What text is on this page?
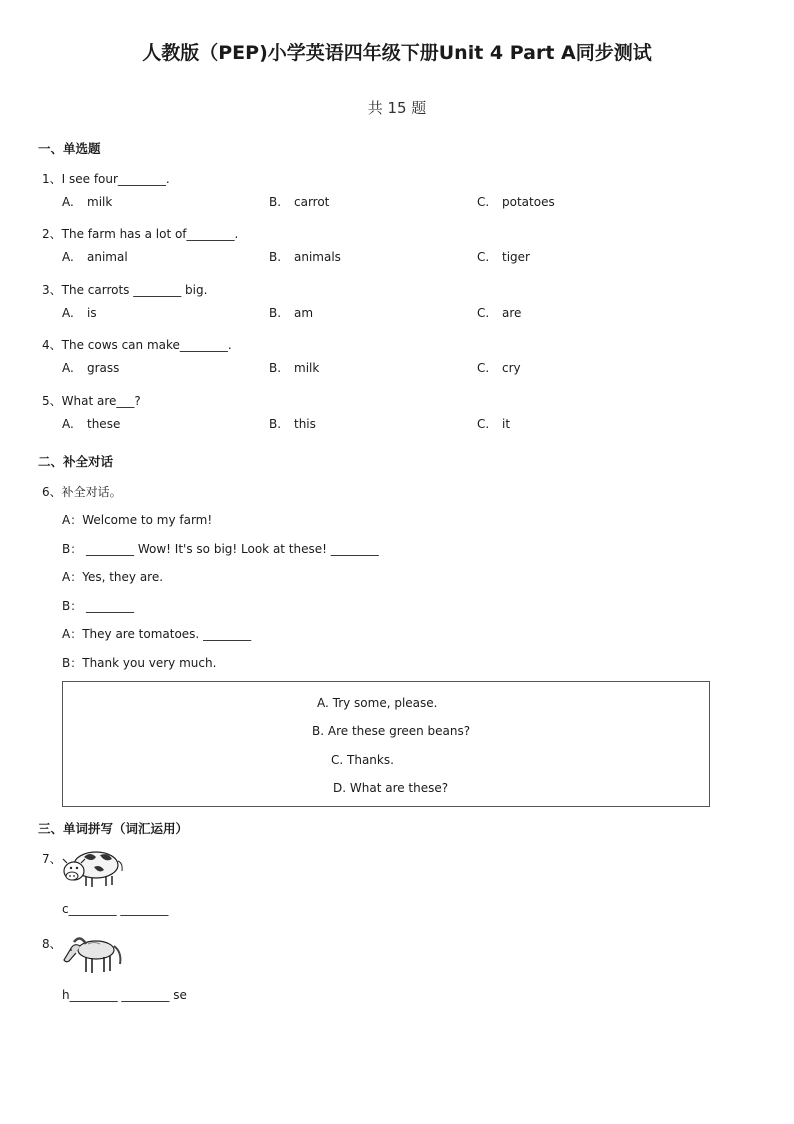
人教版（PEP)小学英语四年级下册Unit 4 Part A同步测试
共 15 题
一、单选题
1、I see four________.
A. milk	B. carrot	C. potatoes
2、The farm has a lot of________.
A. animal	B. animals	C. tiger
3、The carrots ________ big.
A. is	B. am	C. are
4、The cows can make________.
A. grass	B. milk	C. cry
5、What are___?
A. these	B. this	C. it
二、补全对话
6、补全对话。
A：Welcome to my farm!
B： ________ Wow! It's so big! Look at these! ________
A：Yes, they are.
B： ________
A：They are tomatoes. ________
B：Thank you very much.
A. Try some, please.
B. Are these green beans?
C. Thanks.
D. What are these?
三、单词拼写（词汇运用）
7、
c________ ________
8、
h________ ________ se
